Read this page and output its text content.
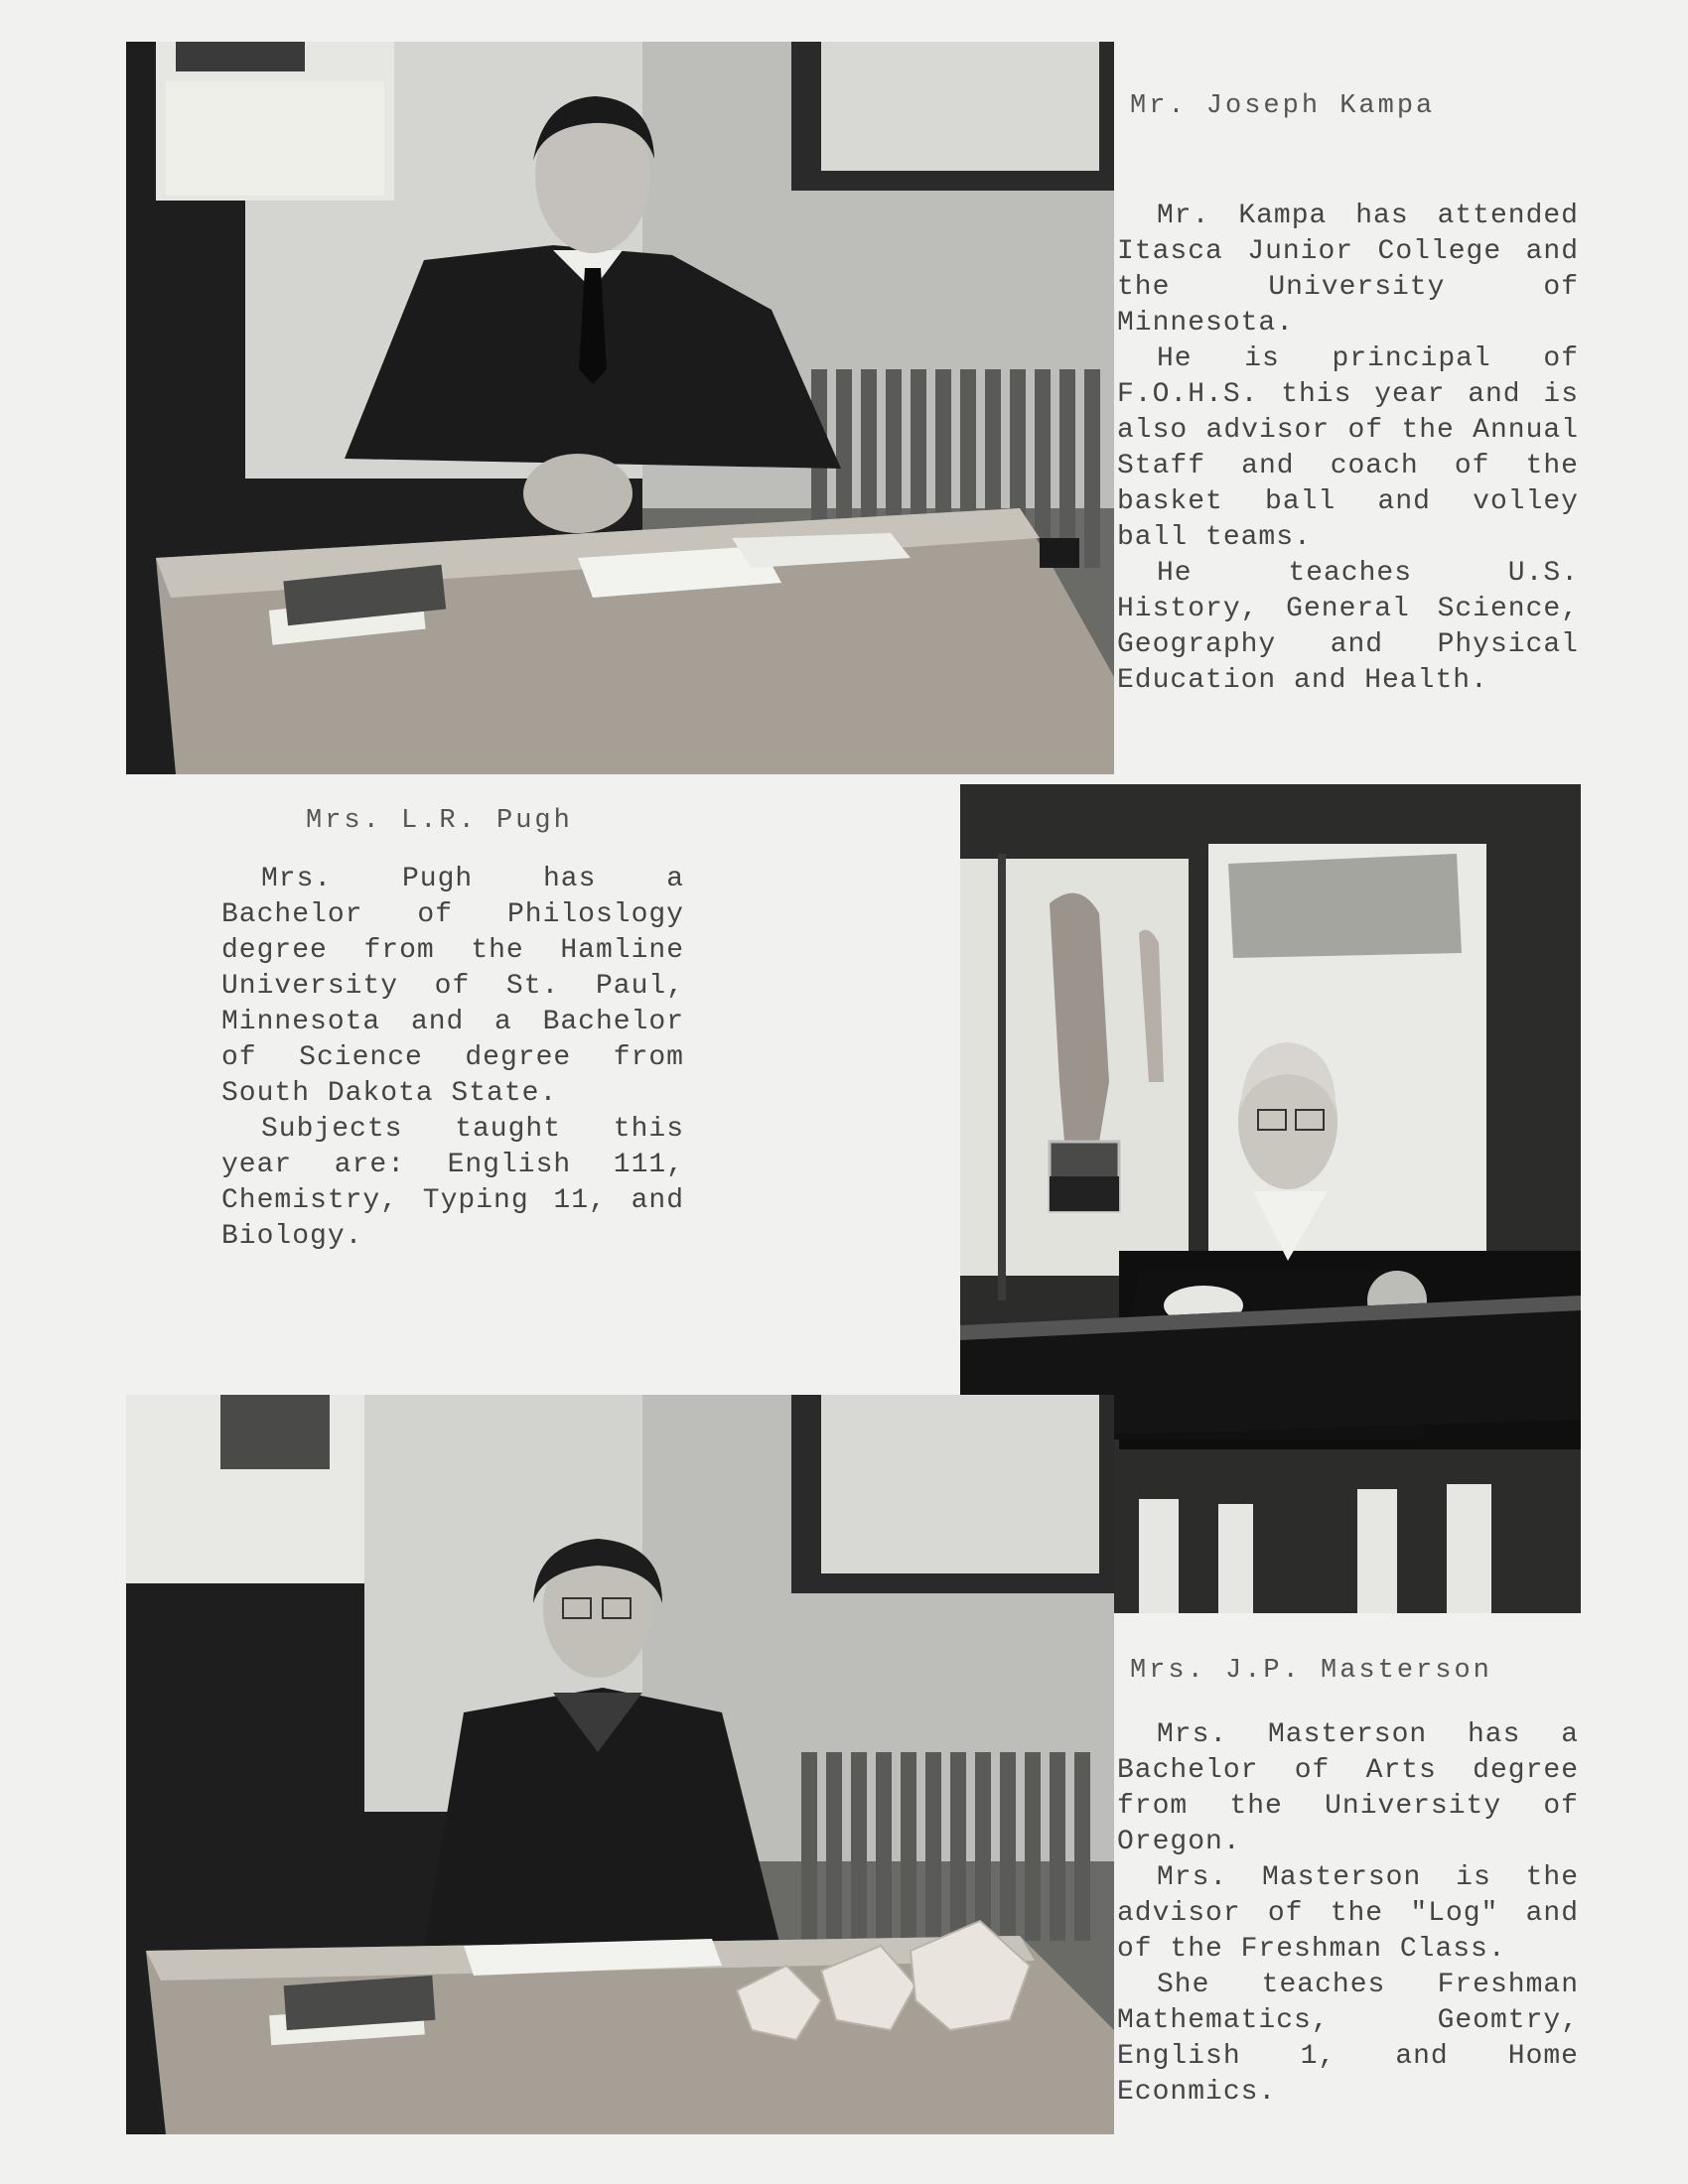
Mr. Joseph Kampa

Mr. Kampa has attended Itasca Junior College and the University of Minnesota.

He is principal of F.O.H.S. this year and is also advisor of the Annual Staff and coach of the basket ball and volley ball teams.

He teaches U.S. History, General Science, Geography and Physical Education and Health.

Mrs. L.R. Pugh

Mrs. Pugh has a Bachelor of Philoslogy degree from the Hamline University of St. Paul, Minnesota and a Bachelor of Science degree from South Dakota State.

Subjects taught this year are: English 111, Chemistry, Typing 11, and Biology.

Mrs. J.P. Masterson

Mrs. Masterson has a Bachelor of Arts degree from the University of Oregon.

Mrs. Masterson is the advisor of the "Log" and of the Freshman Class.

She teaches Freshman Mathematics, Geomtry, English 1, and Home Econmics.
